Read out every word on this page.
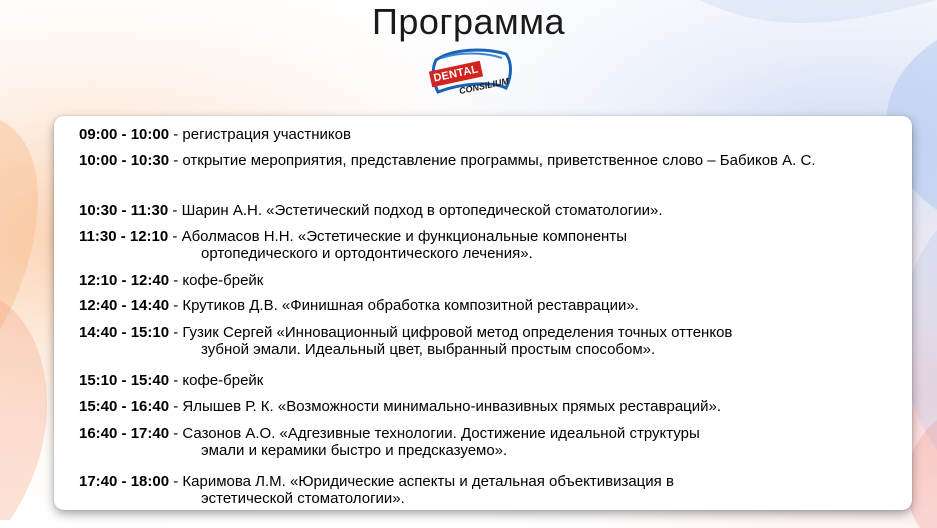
Программа
DENTAL
CONSILIUM
09:00 - 10:00 - регистрация участников
10:00 - 10:30 - открытие мероприятия, представление программы, приветственное слово – Бабиков А. С.
10:30 - 11:30 - Шарин А.Н. «Эстетический подход в ортопедической стоматологии».
11:30 - 12:10 - Аболмасов Н.Н. «Эстетические и функциональные компоненты
ортопедического и ортодонтического лечения».
12:10 - 12:40 - кофе-брейк
12:40 - 14:40 - Крутиков Д.В. «Финишная обработка композитной реставрации».
14:40 - 15:10 - Гузик Сергей «Инновационный цифровой метод определения точных оттенков
зубной эмали. Идеальный цвет, выбранный простым способом».
15:10 - 15:40 - кофе-брейк
15:40 - 16:40 - Ялышев Р. К. «Возможности минимально-инвазивных прямых реставраций».
16:40 - 17:40 - Сазонов А.О. «Адгезивные технологии. Достижение идеальной структуры
эмали и керамики быстро и предсказуемо».
17:40 - 18:00 - Каримова Л.М. «Юридические аспекты и детальная объективизация в
эстетической стоматологии».
